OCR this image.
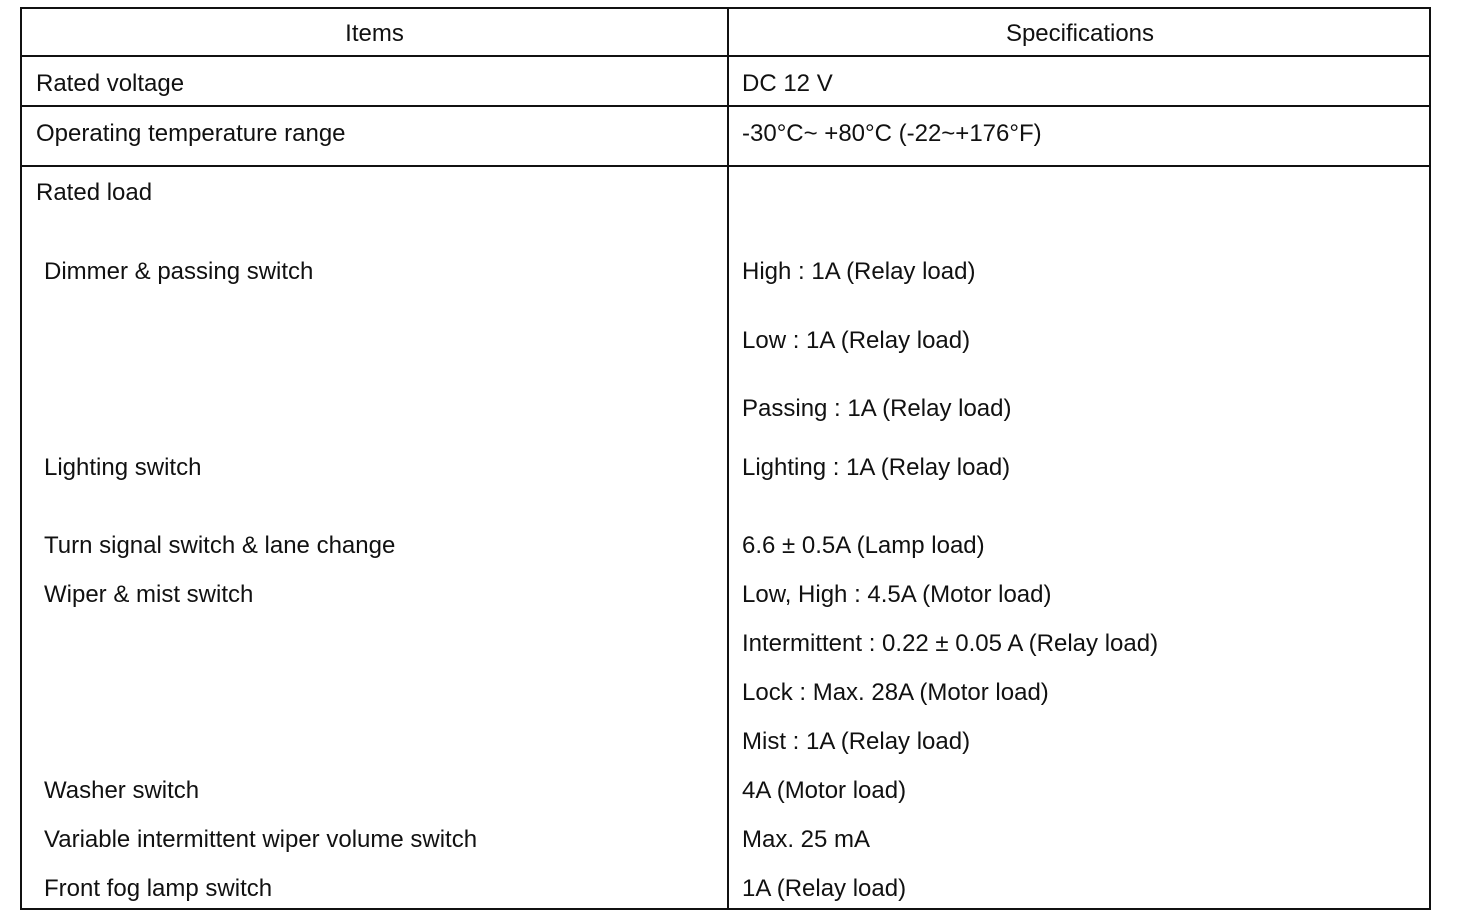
Items	Specifications
Rated voltage	DC 12 V
Operating temperature range	-30°C~ +80°C (-22~+176°F)
Rated load
Dimmer & passing switch	High : 1A (Relay load)
Low : 1A (Relay load)
Passing : 1A (Relay load)
Lighting switch	Lighting : 1A (Relay load)
Turn signal switch & lane change	6.6 ± 0.5A (Lamp load)
Wiper & mist switch	Low, High : 4.5A (Motor load)
Intermittent : 0.22 ± 0.05 A (Relay load)
Lock : Max. 28A (Motor load)
Mist : 1A (Relay load)
Washer switch	4A (Motor load)
Variable intermittent wiper volume switch	Max. 25 mA
Front fog lamp switch	1A (Relay load)
